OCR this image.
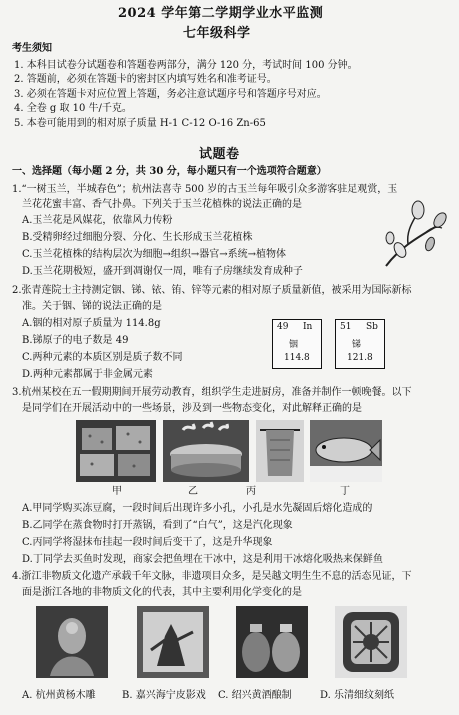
2024 学年第二学期学业水平监测
七年级科学
考生须知
1. 本科目试卷分试题卷和答题卷两部分，满分 120 分，考试时间 100 分钟。
2. 答题前，必须在答题卡的密封区内填写姓名和准考证号。
3. 必须在答题卡对应位置上答题，务必注意试题序号和答题序号对应。
4. 全卷 g 取 10 牛/千克。
5. 本卷可能用到的相对原子质量 H-1 C-12 O-16 Zn-65
试题卷
一、选择题（每小题 2 分，共 30 分，每小题只有一个选项符合题意）
1.“一树玉兰，半城春色”；杭州法喜寺 500 岁的古玉兰每年吸引众多游客驻足观赏，玉
兰花花蜜丰富、香气扑鼻。下列关于玉兰花植株的说法正确的是
A.玉兰花是风媒花，依靠风力传粉
B.受精卵经过细胞分裂、分化、生长形成玉兰花植株
C.玉兰花植株的结构层次为细胞→组织→器官→系统→植物体
D.玉兰花期极短，盛开到凋谢仅一周，唯有子房继续发育成种子
2.张青莲院士主持测定铟、锑、铱、铕、锌等元素的相对原子质量新值，被采用为国际新标
准。关于铟、锑的说法正确的是
A.铟的相对原子质量为 114.8g
B.锑原子的电子数是 49
C.两种元素的本质区别是质子数不同
D.两种元素都属于非金属元素
49 In
铟
114.8
51 Sb
锑
121.8
3.杭州某校在五一假期期间开展劳动教育，组织学生走进厨房，准备并制作一顿晚餐。以下
是同学们在开展活动中的一些场景，涉及到一些物态变化，对此解释正确的是
甲	乙	丙	丁
A.甲同学购买冻豆腐，一段时间后出现许多小孔，小孔是水先凝固后熔化造成的
B.乙同学在蒸食物时打开蒸锅，看到了“白气”，这是汽化现象
C.丙同学将湿抹布挂起一段时间后变干了，这是升华现象
D.丁同学去买鱼时发现，商家会把鱼埋在干冰中，这是利用干冰熔化吸热来保鲜鱼
4.浙江非物质文化遗产承载千年文脉，非遗项目众多，是吴越文明生生不息的活态见证，下
面是浙江各地的非物质文化的代表，其中主要利用化学变化的是
A. 杭州黄杨木雕	B. 嘉兴海宁皮影戏 C. 绍兴黄酒酿制	D. 乐清细纹刻纸
